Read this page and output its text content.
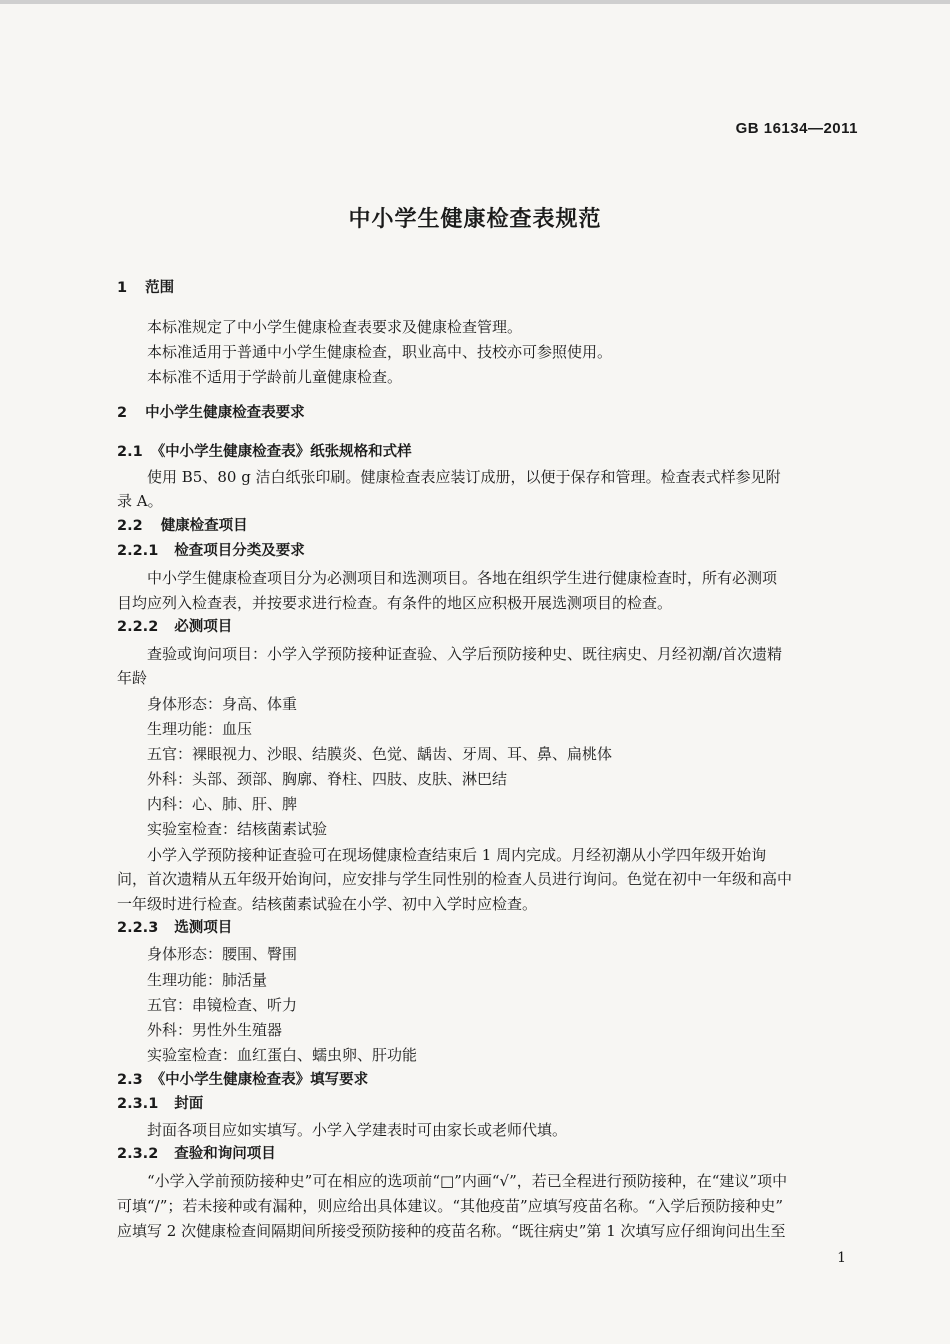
GB 16134—2011
中小学生健康检查表规范
1 范围
本标准规定了中小学生健康检查表要求及健康检查管理。
本标准适用于普通中小学生健康检查，职业高中、技校亦可参照使用。
本标准不适用于学龄前儿童健康检查。
2 中小学生健康检查表要求
2.1 《中小学生健康检查表》纸张规格和式样
使用 B5、80 g 洁白纸张印刷。健康检查表应装订成册，以便于保存和管理。检查表式样参见附
录 A。
2.2 健康检查项目
2.2.1 检查项目分类及要求
中小学生健康检查项目分为必测项目和选测项目。各地在组织学生进行健康检查时，所有必测项
目均应列入检查表，并按要求进行检查。有条件的地区应积极开展选测项目的检查。
2.2.2 必测项目
查验或询问项目：小学入学预防接种证查验、入学后预防接种史、既往病史、月经初潮/首次遗精
年龄
身体形态：身高、体重
生理功能：血压
五官：裸眼视力、沙眼、结膜炎、色觉、龋齿、牙周、耳、鼻、扁桃体
外科：头部、颈部、胸廓、脊柱、四肢、皮肤、淋巴结
内科：心、肺、肝、脾
实验室检查：结核菌素试验
小学入学预防接种证查验可在现场健康检查结束后 1 周内完成。月经初潮从小学四年级开始询
问，首次遗精从五年级开始询问，应安排与学生同性别的检查人员进行询问。色觉在初中一年级和高中
一年级时进行检查。结核菌素试验在小学、初中入学时应检查。
2.2.3 选测项目
身体形态：腰围、臀围
生理功能：肺活量
五官：串镜检查、听力
外科：男性外生殖器
实验室检查：血红蛋白、蠕虫卵、肝功能
2.3 《中小学生健康检查表》填写要求
2.3.1 封面
封面各项目应如实填写。小学入学建表时可由家长或老师代填。
2.3.2 查验和询问项目
“小学入学前预防接种史”可在相应的选项前“□”内画“√”，若已全程进行预防接种，在“建议”项中
可填“/”；若未接种或有漏种，则应给出具体建议。“其他疫苗”应填写疫苗名称。“入学后预防接种史”
应填写 2 次健康检查间隔期间所接受预防接种的疫苗名称。“既往病史”第 1 次填写应仔细询问出生至
1
